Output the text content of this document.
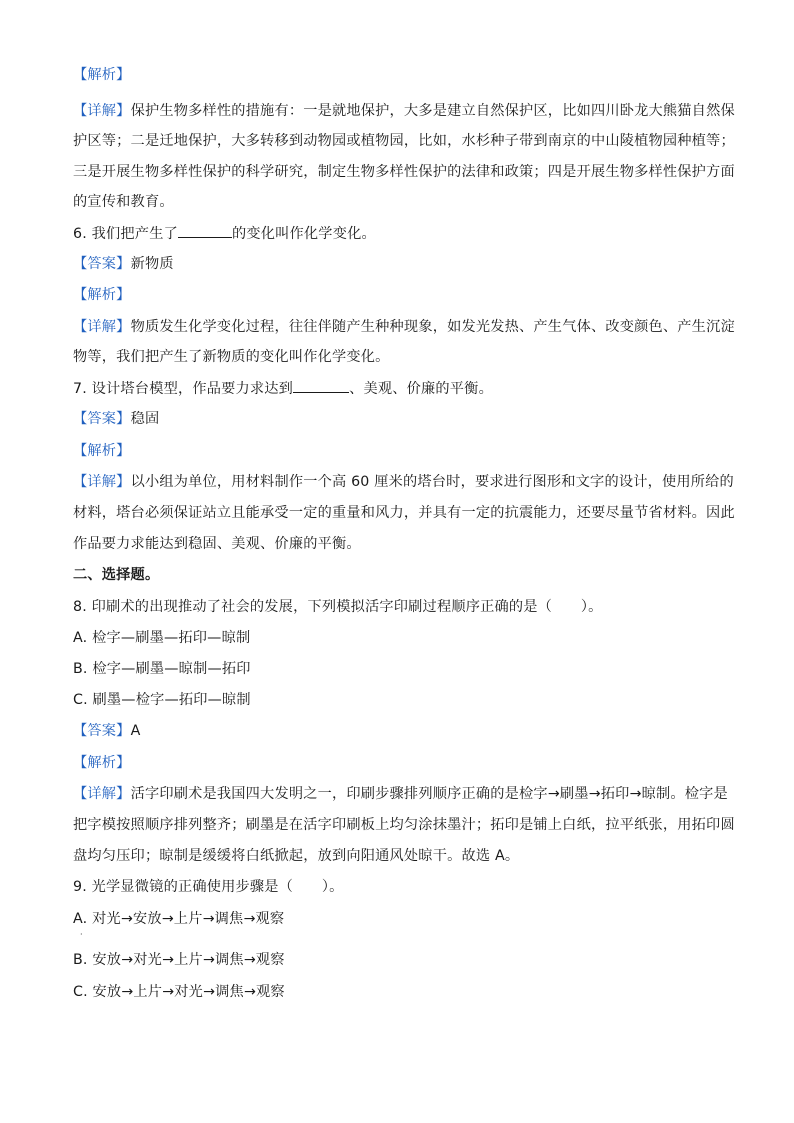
【解析】
【详解】保护生物多样性的措施有：一是就地保护，大多是建立自然保护区，比如四川卧龙大熊猫自然保
护区等；二是迁地保护，大多转移到动物园或植物园，比如，水杉种子带到南京的中山陵植物园种植等；
三是开展生物多样性保护的科学研究，制定生物多样性保护的法律和政策；四是开展生物多样性保护方面
的宣传和教育。
6. 我们把产生了	的变化叫作化学变化。
【答案】新物质
【解析】
【详解】物质发生化学变化过程，往往伴随产生种种现象，如发光发热、产生气体、改变颜色、产生沉淀
物等，我们把产生了新物质的变化叫作化学变化。
7. 设计塔台模型，作品要力求达到	、美观、价廉的平衡。
【答案】稳固
【解析】
【详解】以小组为单位，用材料制作一个高 60 厘米的塔台时，要求进行图形和文字的设计，使用所给的
材料，塔台必须保证站立且能承受一定的重量和风力，并具有一定的抗震能力，还要尽量节省材料。因此
作品要力求能达到稳固、美观、价廉的平衡。
二、选择题。
8. 印刷术的出现推动了社会的发展，下列模拟活字印刷过程顺序正确的是（　　）。
A. 检字—刷墨—拓印—晾制
B. 检字—刷墨—晾制—拓印
C. 刷墨—检字—拓印—晾制
【答案】A
【解析】
【详解】活字印刷术是我国四大发明之一，印刷步骤排列顺序正确的是检字→刷墨→拓印→晾制。检字是
把字模按照顺序排列整齐；刷墨是在活字印刷板上均匀涂抹墨汁；拓印是铺上白纸，拉平纸张，用拓印圆
盘均匀压印；晾制是缓缓将白纸掀起，放到向阳通风处晾干。故选 A。
9. 光学显微镜的正确使用步骤是（　　）。
A. 对光→安放→上片→调焦→观察
·
B. 安放→对光→上片→调焦→观察
C. 安放→上片→对光→调焦→观察
